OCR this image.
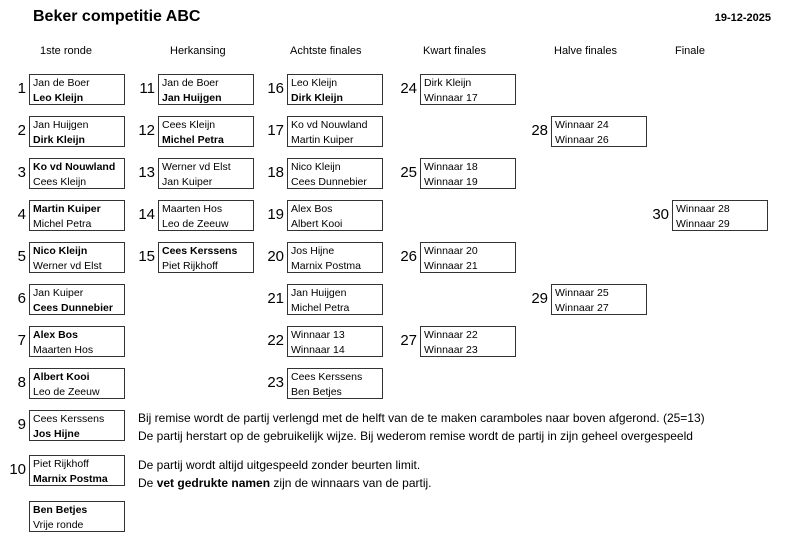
Beker competitie ABC	19-12-2025
1ste ronde	Herkansing	Achtste finales	Kwart finales	Halve finales	Finale
1 Jan de Boer
Leo Kleijn
2 Jan Huijgen
Dirk Kleijn
3 Ko vd Nouwland
Cees Kleijn
4 Martin Kuiper
Michel Petra
5 Nico Kleijn
Werner vd Elst
6 Jan Kuiper
Cees Dunnebier
7 Alex Bos
Maarten Hos
8 Albert Kooi
Leo de Zeeuw
9 Cees Kerssens
Jos Hijne
10 Piet Rijkhoff
Marnix Postma
Ben Betjes
Vrije ronde
11 Jan de Boer
Jan Huijgen
12 Cees Kleijn
Michel Petra
13 Werner vd Elst
Jan Kuiper
14 Maarten Hos
Leo de Zeeuw
15 Cees Kerssens
Piet Rijkhoff
16 Leo Kleijn
Dirk Kleijn
17 Ko vd Nouwland
Martin Kuiper
18 Nico Kleijn
Cees Dunnebier
19 Alex Bos
Albert Kooi
20 Jos Hijne
Marnix Postma
21 Jan Huijgen
Michel Petra
22 Winnaar 13
Winnaar 14
23 Cees Kerssens
Ben Betjes
24 Dirk Kleijn
Winnaar 17
25 Winnaar 18
Winnaar 19
26 Winnaar 20
Winnaar 21
27 Winnaar 22
Winnaar 23
28 Winnaar 24
Winnaar 26
29 Winnaar 25
Winnaar 27
30 Winnaar 28
Winnaar 29
Bij remise wordt de partij verlengd met de helft van de te maken caramboles naar boven afgerond. (25=13)
De partij herstart op de gebruikelijk wijze. Bij wederom remise wordt de partij in zijn geheel overgespeeld
De partij wordt altijd uitgespeeld zonder beurten limit.
De vet gedrukte namen zijn de winnaars van de partij.
